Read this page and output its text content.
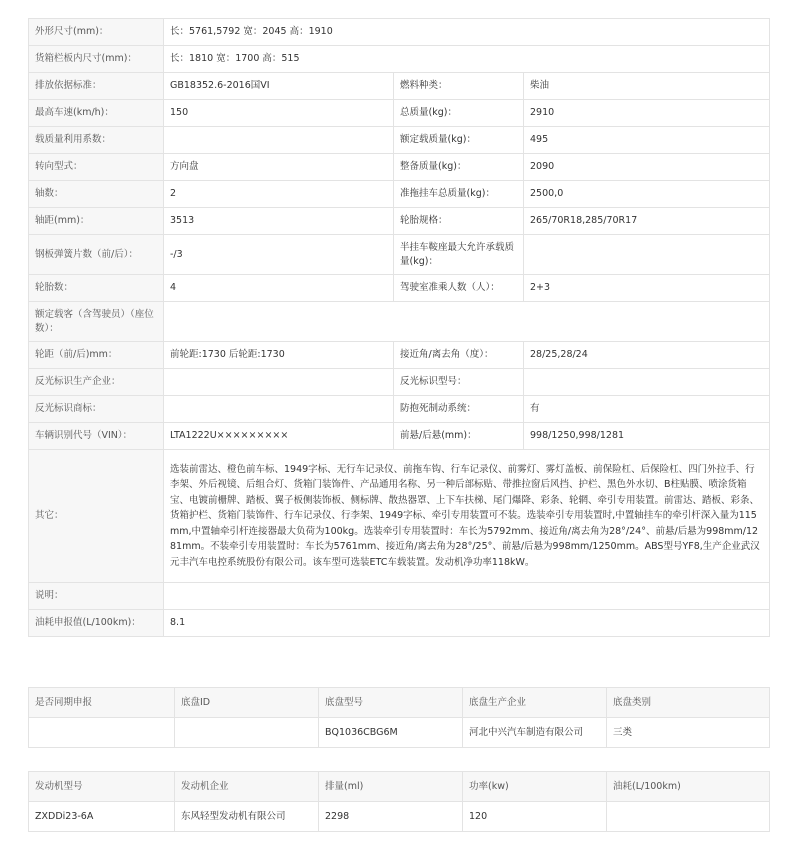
外形尺寸(mm)：	长：5761,5792 宽：2045 高：1910		
货箱栏板内尺寸(mm)：	长：1810 宽：1700 高：515		
排放依据标准：	GB18352.6-2016国VI	燃料种类：	柴油
最高车速(km/h)：	150	总质量(kg)：	2910
载质量利用系数：		额定载质量(kg)：	495
转向型式：	方向盘	整备质量(kg)：	2090
轴数：	2	准拖挂车总质量(kg)：	2500,0
轴距(mm)：	3513	轮胎规格：	265/70R18,285/70R17
钢板弹簧片数（前/后）：	-/3	半挂车鞍座最大允许承载质量(kg)：	
轮胎数：	4	驾驶室准乘人数（人）：	2+3
额定载客（含驾驶员）（座位数）：			
轮距（前/后)mm：	前轮距:1730 后轮距:1730	接近角/离去角（度）：	28/25,28/24
反光标识生产企业：		反光标识型号：	
反光标识商标：		防抱死制动系统：	有
车辆识别代号（VIN）：	LTA1222U×××××××××	前悬/后悬(mm)：	998/1250,998/1281
其它：	选装前雷达、橙色前车标、1949字标、无行车记录仪、前拖车钩、行车记录仪、前雾灯、雾灯盖板、前保险杠、后保险杠、四门外拉手、行李架、外后视镜、后组合灯、货箱门装饰件、产品通用名称、另一种后部标贴、带推拉窗后风挡、护栏、黑色外水切、B柱贴膜、喷涂货箱宝、电镀前栅牌、踏板、翼子板侧装饰板、侧标牌、散热器罩、上下车扶梯、尾门爆降、彩条、轮辋、牵引专用装置。前雷达、踏板、彩条、货箱护栏、货箱门装饰件、行车记录仪、行李架、1949字标、牵引专用装置可不装。选装牵引专用装置时,中置轴挂车的牵引杆深入量为115mm,中置轴牵引杆连接器最大负荷为100kg。选装牵引专用装置时：车长为5792mm、接近角/离去角为28°/24°、前悬/后悬为998mm/1281mm。不装牵引专用装置时：车长为5761mm、接近角/离去角为28°/25°、前悬/后悬为998mm/1250mm。ABS型号YF8,生产企业武汉元丰汽车电控系统股份有限公司。该车型可选装ETC车载装置。发动机净功率118kW。		
说明：			
油耗申报值(L/100km)：	8.1		
是否同期申报	底盘ID	底盘型号	底盘生产企业	底盘类别
		BQ1036CBG6M	河北中兴汽车制造有限公司	三类
发动机型号	发动机企业	排量(ml)	功率(kw)	油耗(L/100km)
ZXDDi23-6A	东风轻型发动机有限公司	2298	120	
